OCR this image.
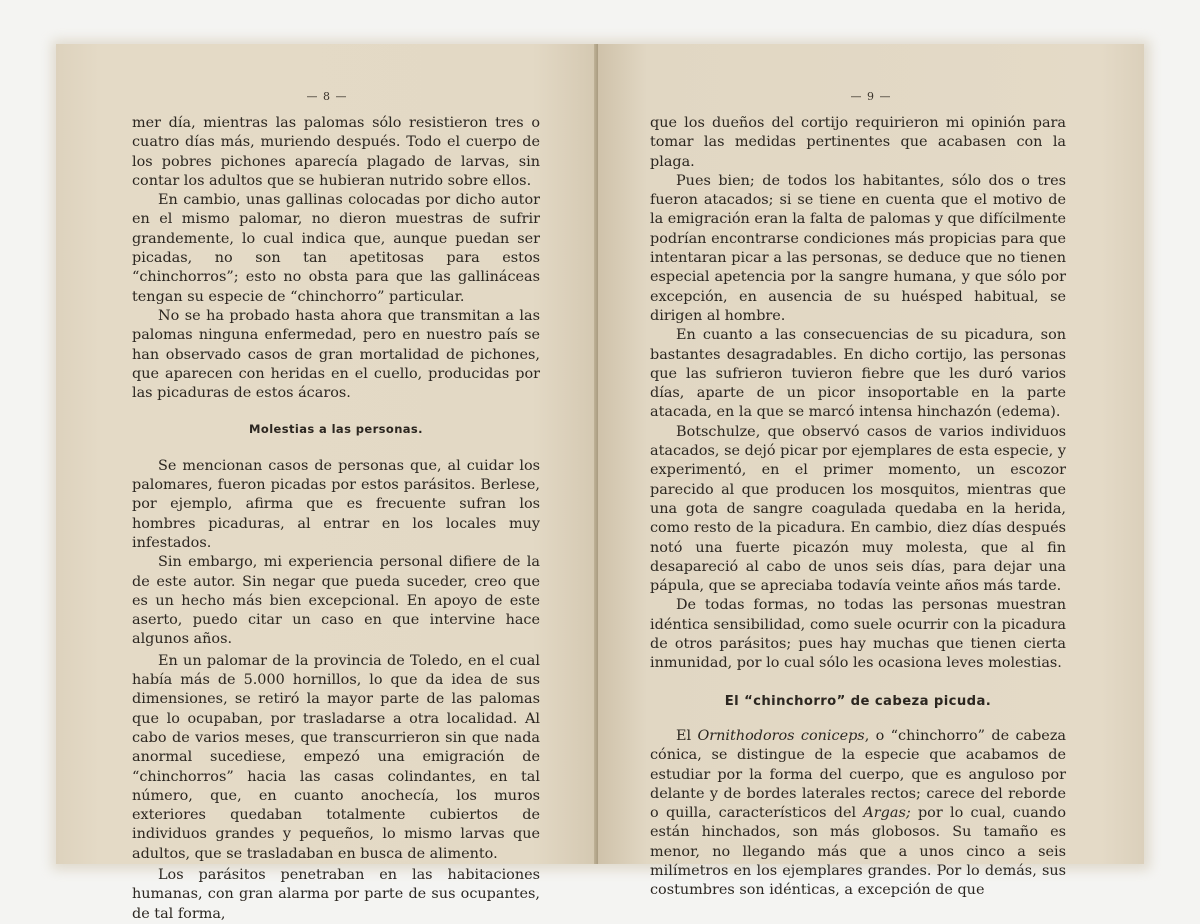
— 8 —

mer día, mientras las palomas sólo resistieron tres o cuatro días más, muriendo después. Todo el cuerpo de los pobres pichones aparecía plagado de larvas, sin contar los adultos que se hubieran nutrido sobre ellos.

En cambio, unas gallinas colocadas por dicho autor en el mismo palomar, no dieron muestras de sufrir grandemente, lo cual indica que, aunque puedan ser picadas, no son tan apetitosas para estos “chinchorros”; esto no obsta para que las gallináceas tengan su especie de “chinchorro” particular.

No se ha probado hasta ahora que transmitan a las palomas ninguna enfermedad, pero en nuestro país se han observado casos de gran mortalidad de pichones, que aparecen con heridas en el cuello, producidas por las picaduras de estos ácaros.

Molestias a las personas.

Se mencionan casos de personas que, al cuidar los palomares, fueron picadas por estos parásitos. Berlese, por ejemplo, afirma que es frecuente sufran los hombres picaduras, al entrar en los locales muy infestados.

Sin embargo, mi experiencia personal difiere de la de este autor. Sin negar que pueda suceder, creo que es un hecho más bien excepcional. En apoyo de este aserto, puedo citar un caso en que intervine hace algunos años.

En un palomar de la provincia de Toledo, en el cual había más de 5.000 hornillos, lo que da idea de sus dimensiones, se retiró la mayor parte de las palomas que lo ocupaban, por trasladarse a otra localidad. Al cabo de varios meses, que transcurrieron sin que nada anormal sucediese, empezó una emigración de “chinchorros” hacia las casas colindantes, en tal número, que, en cuanto anochecía, los muros exteriores quedaban totalmente cubiertos de individuos grandes y pequeños, lo mismo larvas que adultos, que se trasladaban en busca de alimento.

Los parásitos penetraban en las habitaciones humanas, con gran alarma por parte de sus ocupantes, de tal forma,

— 9 —

que los dueños del cortijo requirieron mi opinión para tomar las medidas pertinentes que acabasen con la plaga.

Pues bien; de todos los habitantes, sólo dos o tres fueron atacados; si se tiene en cuenta que el motivo de la emigración eran la falta de palomas y que difícilmente podrían encontrarse condiciones más propicias para que intentaran picar a las personas, se deduce que no tienen especial apetencia por la sangre humana, y que sólo por excepción, en ausencia de su huésped habitual, se dirigen al hombre.

En cuanto a las consecuencias de su picadura, son bastantes desagradables. En dicho cortijo, las personas que las sufrieron tuvieron fiebre que les duró varios días, aparte de un picor insoportable en la parte atacada, en la que se marcó intensa hinchazón (edema).

Botschulze, que observó casos de varios individuos atacados, se dejó picar por ejemplares de esta especie, y experimentó, en el primer momento, un escozor parecido al que producen los mosquitos, mientras que una gota de sangre coagulada quedaba en la herida, como resto de la picadura. En cambio, diez días después notó una fuerte picazón muy molesta, que al fin desapareció al cabo de unos seis días, para dejar una pápula, que se apreciaba todavía veinte años más tarde.

De todas formas, no todas las personas muestran idéntica sensibilidad, como suele ocurrir con la picadura de otros parásitos; pues hay muchas que tienen cierta inmunidad, por lo cual sólo les ocasiona leves molestias.

El “chinchorro” de cabeza picuda.

El Ornithodoros coniceps, o “chinchorro” de cabeza cónica, se distingue de la especie que acabamos de estudiar por la forma del cuerpo, que es anguloso por delante y de bordes laterales rectos; carece del reborde o quilla, característicos del Argas; por lo cual, cuando están hinchados, son más globosos. Su tamaño es menor, no llegando más que a unos cinco a seis milímetros en los ejemplares grandes. Por lo demás, sus costumbres son idénticas, a excepción de que
